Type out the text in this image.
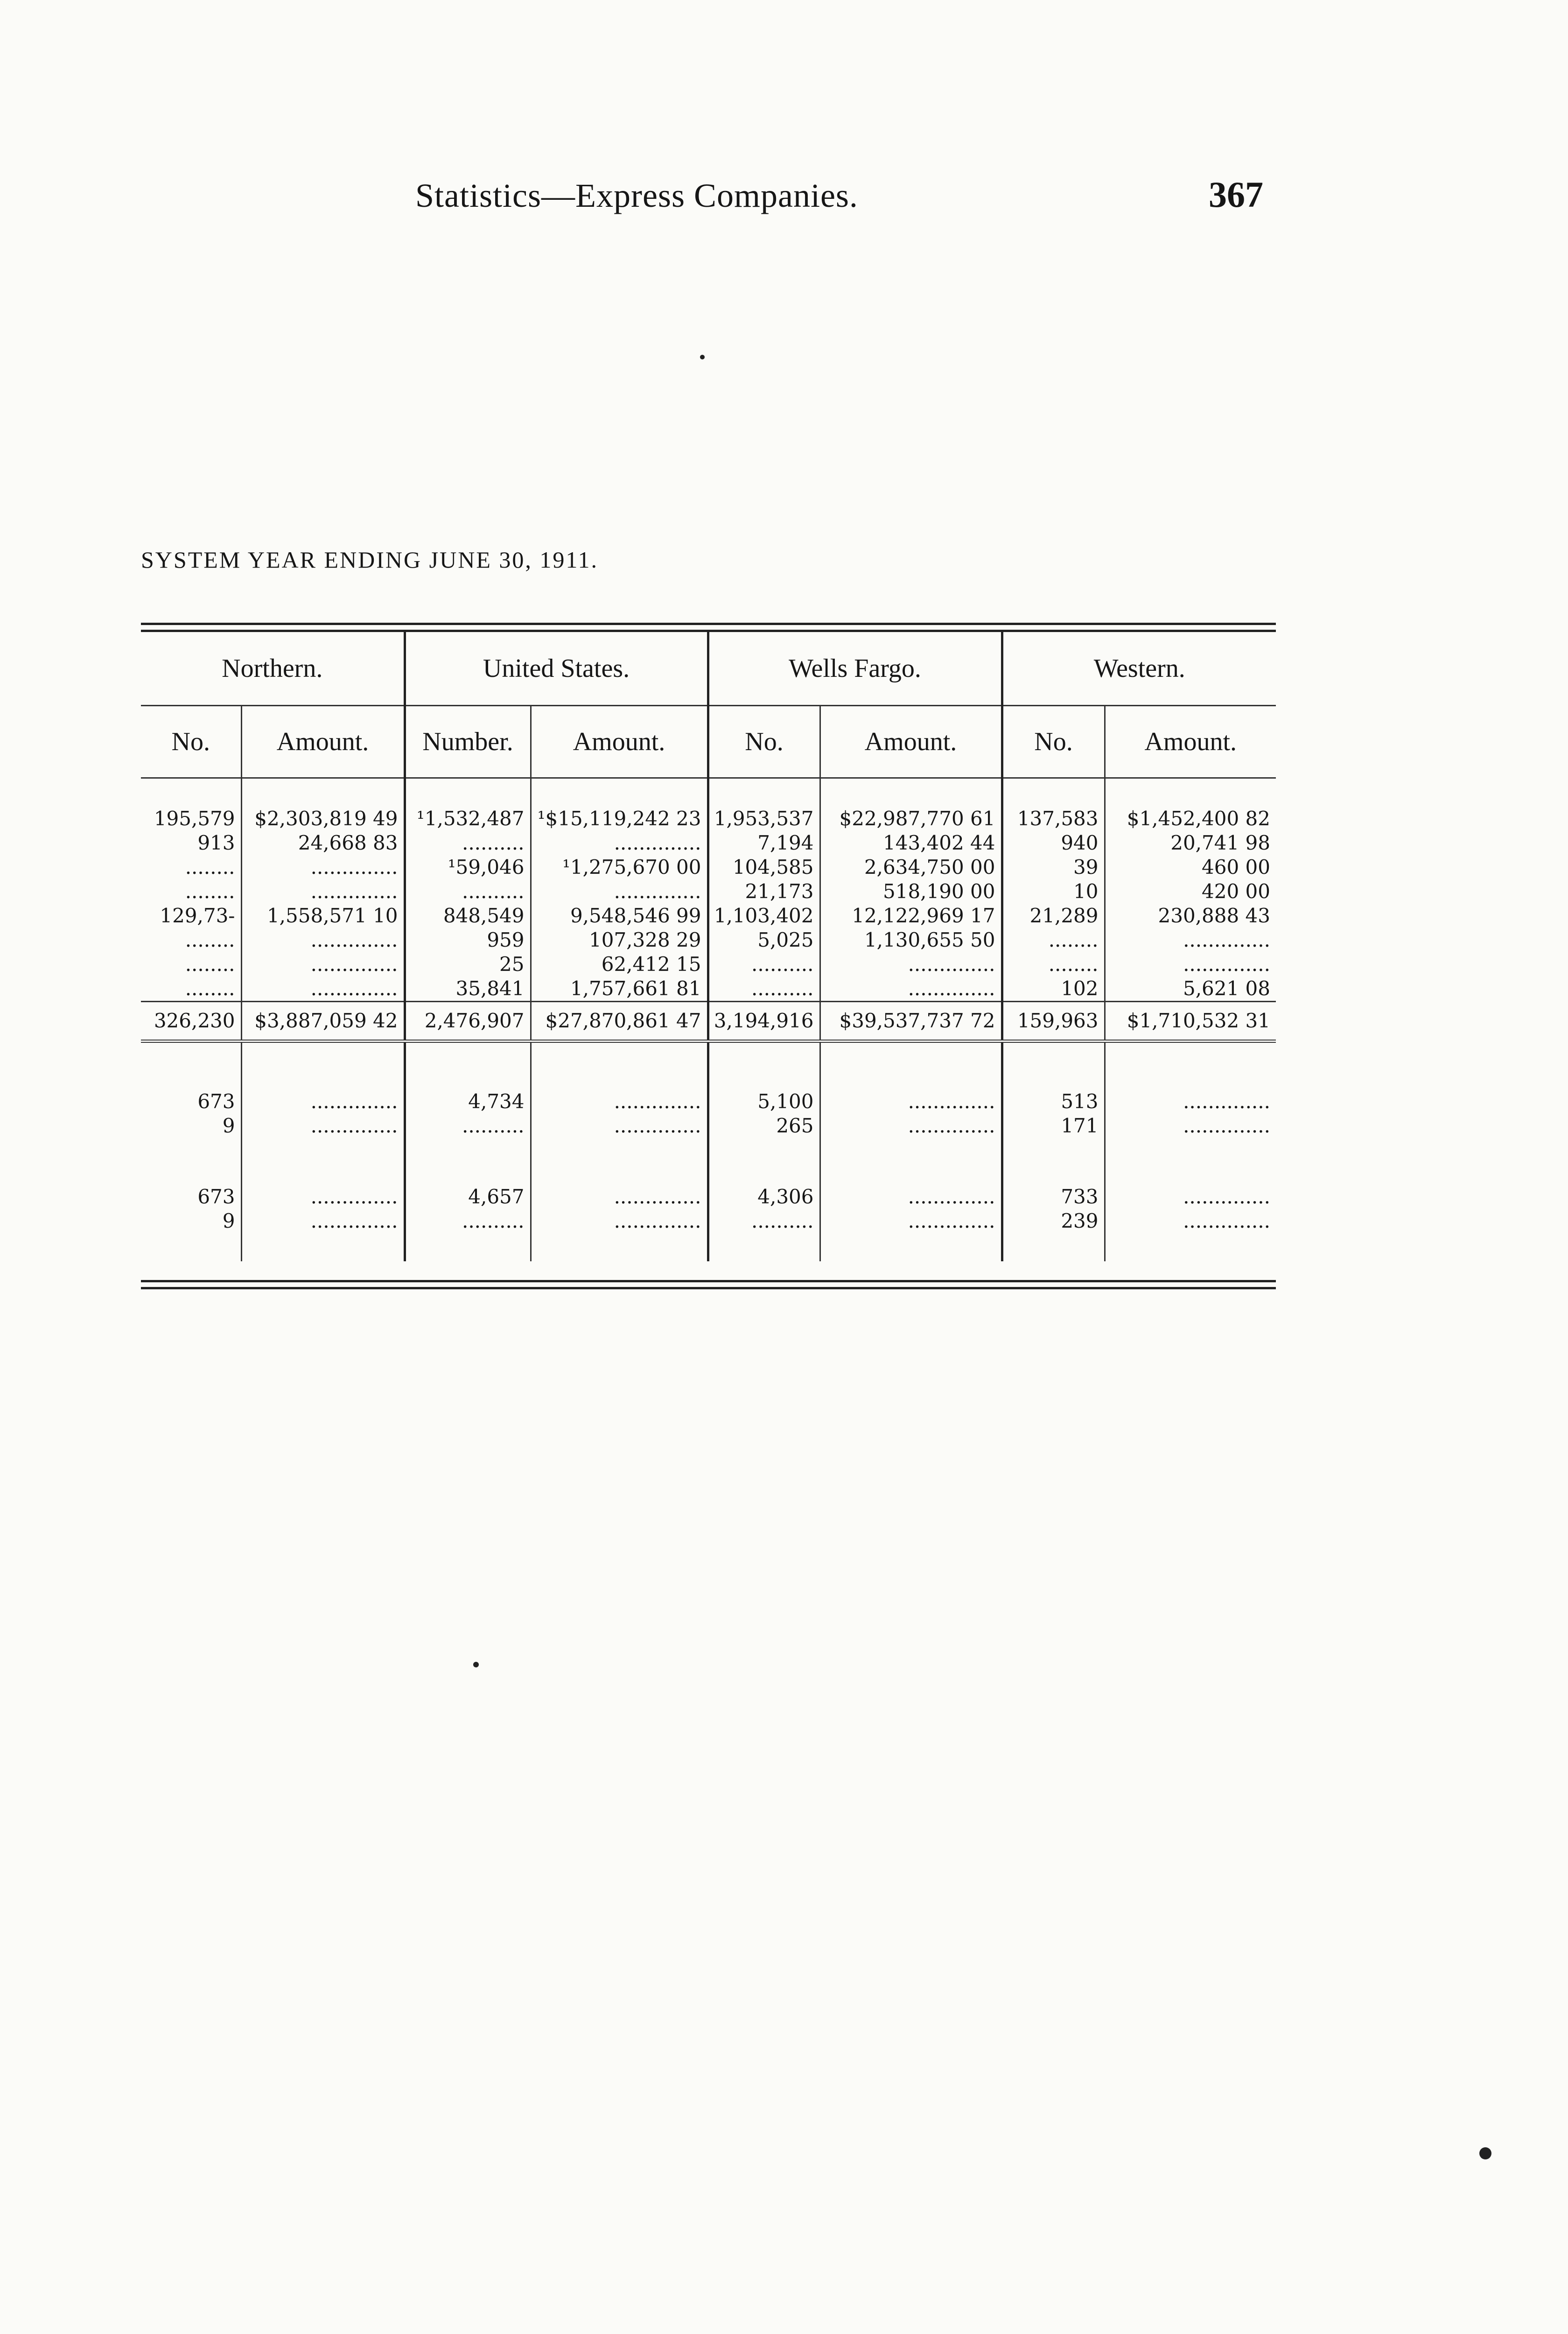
Statistics—Express Companies.	367
SYSTEM YEAR ENDING JUNE 30, 1911.
Northern.		United States.		Wells Fargo.		Western.	
No.	Amount.	Number.	Amount.	No.	Amount.	No.	Amount.

195,579	$2,303,819 49	¹1,532,487	¹$15,119,242 23	1,953,537	$22,987,770 61	137,583	$1,452,400 82
913	24,668 83	..........	..............	7,194	143,402 44	940	20,741 98
........	..............	¹59,046	¹1,275,670 00	104,585	2,634,750 00	39	460 00
........	..............	..........	..............	21,173	518,190 00	10	420 00
129,73-	1,558,571 10	848,549	9,548,546 99	1,103,402	12,122,969 17	21,289	230,888 43

........	..............	959	107,328 29	5,025	1,130,655 50	........	..............
........	..............	25	62,412 15	..........	..............	........	..............
........	..............	35,841	1,757,661 81	..........	..............	102	5,621 08
326,230	$3,887,059 42	2,476,907	$27,870,861 47	3,194,916	$39,537,737 72	159,963	$1,710,532 31

673	..............	4,734	..............	5,100	..............	513	..............
9	..............	..........	..............	265	..............	171	..............

673	..............	4,657	..............	4,306	..............	733	..............
9	..............	..........	..............	..........	..............	239	..............
